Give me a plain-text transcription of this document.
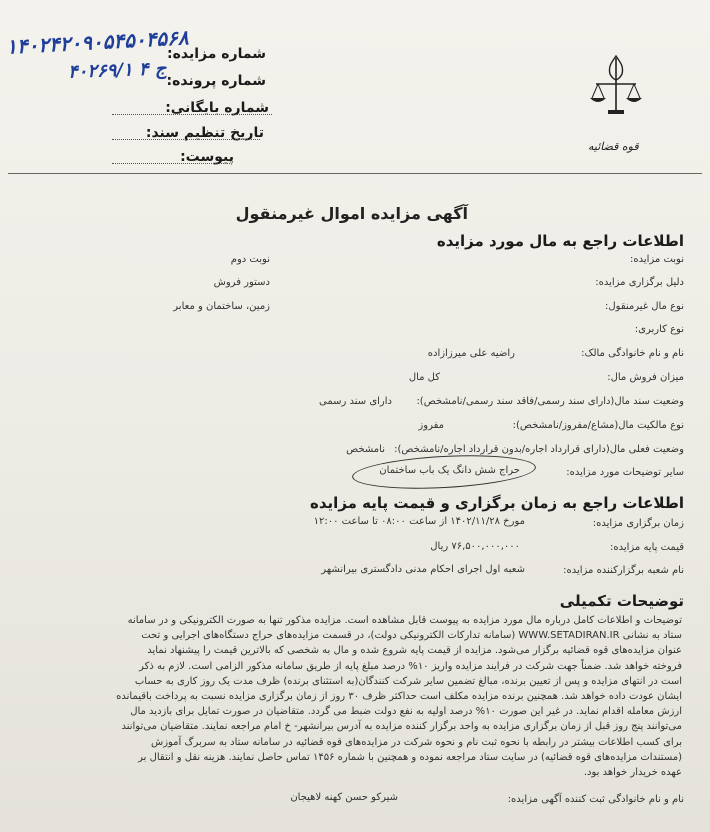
۱۴۰۲۴۲۰۹۰۵۴۵۰۴۵۶۸
۴۰۲۶۹/۱ ج ۴
شماره مزایده:
شماره پرونده:
شماره بایگانی:
تاریخ تنظیم سند:
پیوست:
قوه قضائیه
آگهی مزایده اموال غیرمنقول
اطلاعات راجع به مال مورد مزایده
نوبت مزایده:
نوبت دوم
دلیل برگزاری مزایده:
دستور فروش
نوع مال غیرمنقول:
زمین، ساختمان و معابر
نوع کاربری:
نام و نام خانوادگی مالک:
راضیه علی میرزازاده
میزان فروش مال:
کل مال
وضعیت سند مال(دارای سند رسمی/فاقد سند رسمی/نامشخص):
دارای سند رسمی
نوع مالکیت مال(مشاع/مفروز/نامشخص):
مفروز
وضعیت فعلی مال(دارای قرارداد اجاره/بدون قرارداد اجاره/نامشخص):
نامشخص
سایر توضیحات مورد مزایده:
حراج شش دانگ یک باب ساختمان
اطلاعات راجع به زمان برگزاری و قیمت پایه مزایده
زمان برگزاری مزایده:
مورخ ۱۴۰۲/۱۱/۲۸ از ساعت ۰۸:۰۰ تا ساعت ۱۲:۰۰
قیمت پایه مزایده:
۷۶,۵۰۰,۰۰۰,۰۰۰ ریال
نام شعبه برگزارکننده مزایده:
شعبه اول اجرای احکام مدنی دادگستری بیرانشهر
توضیحات تکمیلی
توضیحات و اطلاعات کامل درباره مال مورد مزایده به پیوست قابل مشاهده است. مزایده مذکور تنها به صورت الکترونیکی و در سامانه
ستاد به نشانی WWW.SETADIRAN.IR (سامانه تدارکات الکترونیکی دولت)، در قسمت مزایده‌های حراج دستگاه‌های اجرایی و تحت
عنوان مزایده‌های قوه قضائیه برگزار می‌شود. مزایده از قیمت پایه شروع شده و مال به شخصی که بالاترین قیمت را پیشنهاد نماید
فروخته خواهد شد. ضمناً جهت شرکت در فرایند مزایده واریز ۱۰% درصد مبلغ پایه از طریق سامانه مذکور الزامی است. لازم به ذکر
است در انتهای مزایده و پس از تعیین برنده، مبالغ تضمین سایر شرکت کنندگان(به استثنای برنده) ظرف مدت یک روز کاری به حساب
ایشان عودت داده خواهد شد. همچنین برنده مزایده مکلف است حداکثر ظرف ۳۰ روز از زمان برگزاری مزایده نسبت به پرداخت باقیمانده
ارزش معامله اقدام نماید. در غیر این صورت ۱۰% درصد اولیه به نفع دولت ضبط می گردد. متقاضیان در صورت تمایل برای بازدید مال
می‌توانند پنج روز قبل از زمان برگزاری مزایده به واحد برگزار کننده مزایده به آدرس بیرانشهر- خ امام مراجعه نمایند. متقاضیان می‌توانند
برای کسب اطلاعات بیشتر در رابطه با نحوه ثبت نام و نحوه شرکت در مزایده‌های قوه قضائیه در سامانه ستاد به سربرگ آموزش
(مستندات مزایده‌های قوه قضائیه) در سایت ستاد مراجعه نموده و همچنین با شماره ۱۴۵۶ تماس حاصل نمایند. هزینه نقل و انتقال بر
عهده خریدار خواهد بود.
نام و نام خانوادگی ثبت کننده آگهی مزایده:
شیرکو حسن کهنه لاهیجان
